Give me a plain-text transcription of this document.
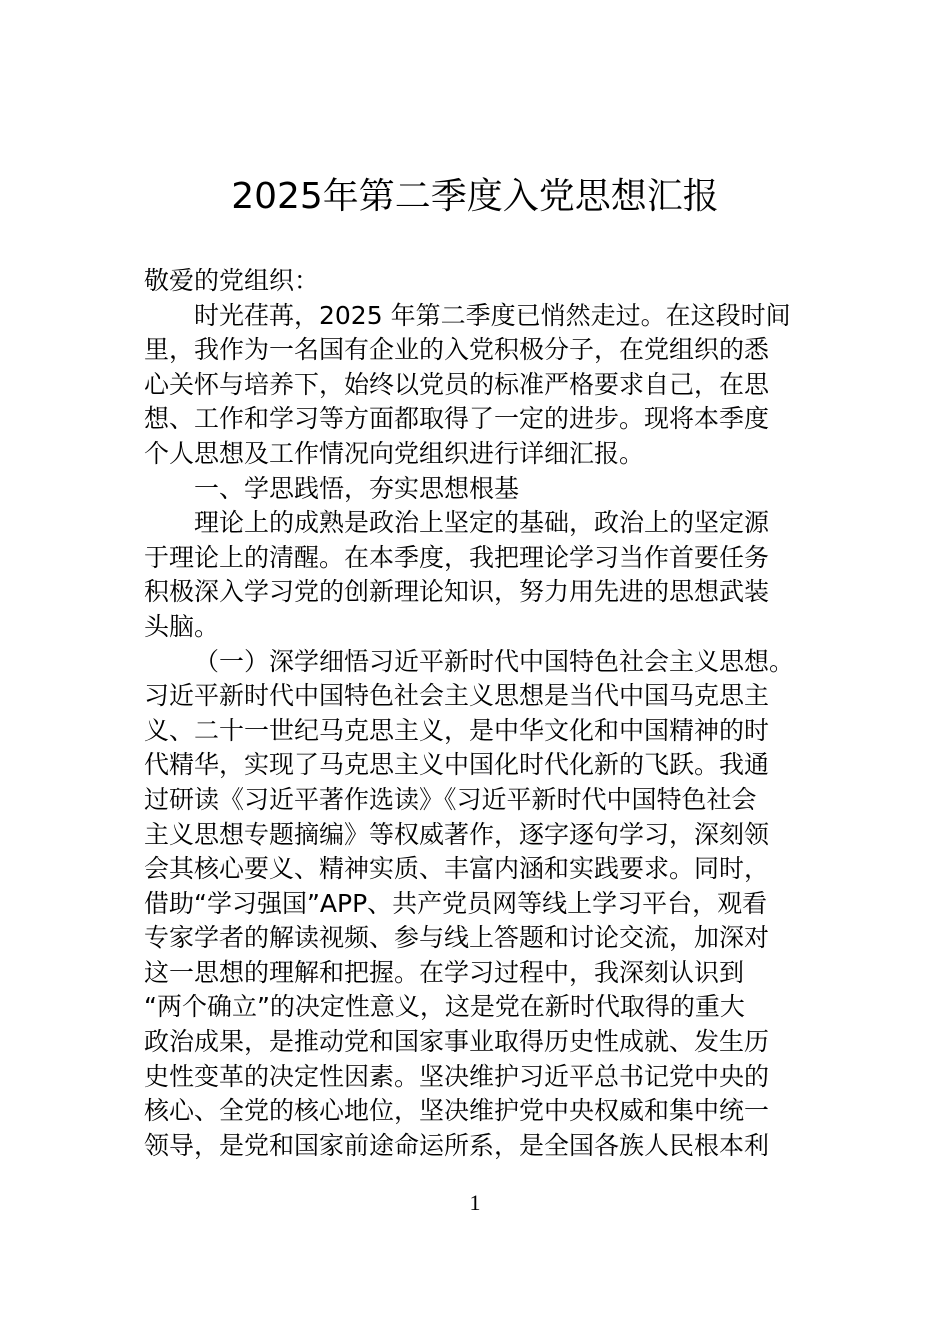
2025年第二季度入党思想汇报
敬爱的党组织：
时光荏苒，2025 年第二季度已悄然走过。在这段时间
里，我作为一名国有企业的入党积极分子，在党组织的悉
心关怀与培养下，始终以党员的标准严格要求自己，在思
想、工作和学习等方面都取得了一定的进步。现将本季度
个人思想及工作情况向党组织进行详细汇报。
一、学思践悟，夯实思想根基
理论上的成熟是政治上坚定的基础，政治上的坚定源
于理论上的清醒。在本季度，我把理论学习当作首要任务
积极深入学习党的创新理论知识，努力用先进的思想武装
头脑。
（一）深学细悟习近平新时代中国特色社会主义思想。
习近平新时代中国特色社会主义思想是当代中国马克思主
义、二十一世纪马克思主义，是中华文化和中国精神的时
代精华，实现了马克思主义中国化时代化新的飞跃。我通
过研读《习近平著作选读》《习近平新时代中国特色社会
主义思想专题摘编》等权威著作，逐字逐句学习，深刻领
会其核心要义、精神实质、丰富内涵和实践要求。同时，
借助“学习强国”APP、共产党员网等线上学习平台，观看
专家学者的解读视频、参与线上答题和讨论交流，加深对
这一思想的理解和把握。在学习过程中，我深刻认识到
“两个确立”的决定性意义，这是党在新时代取得的重大
政治成果，是推动党和国家事业取得历史性成就、发生历
史性变革的决定性因素。坚决维护习近平总书记党中央的
核心、全党的核心地位，坚决维护党中央权威和集中统一
领导，是党和国家前途命运所系，是全国各族人民根本利
1
